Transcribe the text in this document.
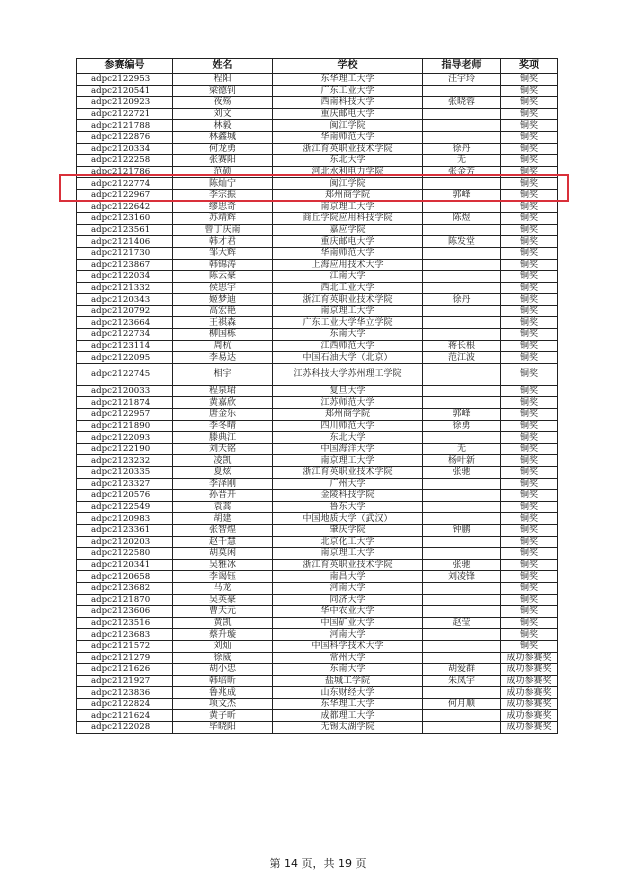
参赛编号	姓名	学校	指导老师	奖项
adpc2122953	程阳	东华理工大学	汪宇玲	铜奖
adpc2120541	梁德钊	广东工业大学		铜奖
adpc2120923	夜殇	西南科技大学	张晓蓉	铜奖
adpc2122721	刘文	重庆邮电大学		铜奖
adpc2121788	林毅	闽江学院		铜奖
adpc2122876	林鑫城	华南师范大学		铜奖
adpc2120334	何龙勇	浙江育英职业技术学院	徐丹	铜奖
adpc2122258	张赛阳	东北大学	无	铜奖
adpc2121786	范硕	河北水利电力学院	张金芳	铜奖
adpc2122774	陈灿宁	闽江学院		铜奖
adpc2122967	李宗振	郑州商学院	郭峰	铜奖
adpc2122642	缪思奇	南京理工大学		铜奖
adpc2123160	苏靖辉	商丘学院应用科技学院	陈煜	铜奖
adpc2123561	曾丁庆南	嘉应学院		铜奖
adpc2121406	韩才君	重庆邮电大学	陈发堂	铜奖
adpc2121730	邹大辉	华南师范大学		铜奖
adpc2123867	韩锦涛	上海应用技术大学		铜奖
adpc2122034	陈云豪	江南大学		铜奖
adpc2121332	侯思宇	西北工业大学		铜奖
adpc2120343	姬梦迪	浙江育英职业技术学院	徐丹	铜奖
adpc2120792	高宏艳	南京理工大学		铜奖
adpc2123664	王祺森	广东工业大学华立学院		铜奖
adpc2122734	柳国栋	东南大学		铜奖
adpc2123114	周杭	江西师范大学	蒋长根	铜奖
adpc2122095	李易达	中国石油大学（北京）	范江波	铜奖
adpc2122745	相宇	江苏科技大学苏州理工学院		铜奖
adpc2120033	程泉珺	复旦大学		铜奖
adpc2121874	黄嘉欣	江苏师范大学		铜奖
adpc2122957	唐金乐	郑州商学院	郭峰	铜奖
adpc2121890	李冬晴	四川师范大学	徐勇	铜奖
adpc2122093	滕典江	东北大学		铜奖
adpc2122190	刘天铭	中国海洋大学	无	铜奖
adpc2123232	凌凯	南京理工大学	杨叶新	铜奖
adpc2120335	夏炫	浙江育英职业技术学院	张驰	铜奖
adpc2123327	李泽刚	广州大学		铜奖
adpc2120576	孙晋开	金陵科技学院		铜奖
adpc2122549	袁蒿	鲁东大学		铜奖
adpc2120983	胡建	中国地质大学（武汉）		铜奖
adpc2123361	张智煌	肇庆学院	钟鹏	铜奖
adpc2120203	赵千慧	北京化工大学		铜奖
adpc2122580	胡莫闲	南京理工大学		铜奖
adpc2120341	吴雅冰	浙江育英职业技术学院	张驰	铜奖
adpc2120658	李谒钰	南昌大学	刘凌锋	铜奖
adpc2123682	马龙	河南大学		铜奖
adpc2121870	吴英豪	同济大学		铜奖
adpc2123606	曹天元	华中农业大学		铜奖
adpc2123516	黄凯	中国矿业大学	赵莹	铜奖
adpc2123683	蔡升璇	河南大学		铜奖
adpc2121572	刘灿	中国科学技术大学		铜奖
adpc2121279	徐威	常州大学		成功参赛奖
adpc2121626	胡小忠	东南大学	胡爱群	成功参赛奖
adpc2121927	韩培昕	盐城工学院	朱凤宇	成功参赛奖
adpc2123836	鲁兆成	山东财经大学		成功参赛奖
adpc2122824	项文杰	东华理工大学	何月顺	成功参赛奖
adpc2121624	黄子昕	成都理工大学		成功参赛奖
adpc2122028	毕晓阳	无锡太湖学院		成功参赛奖
第 14 页，共 19 页
